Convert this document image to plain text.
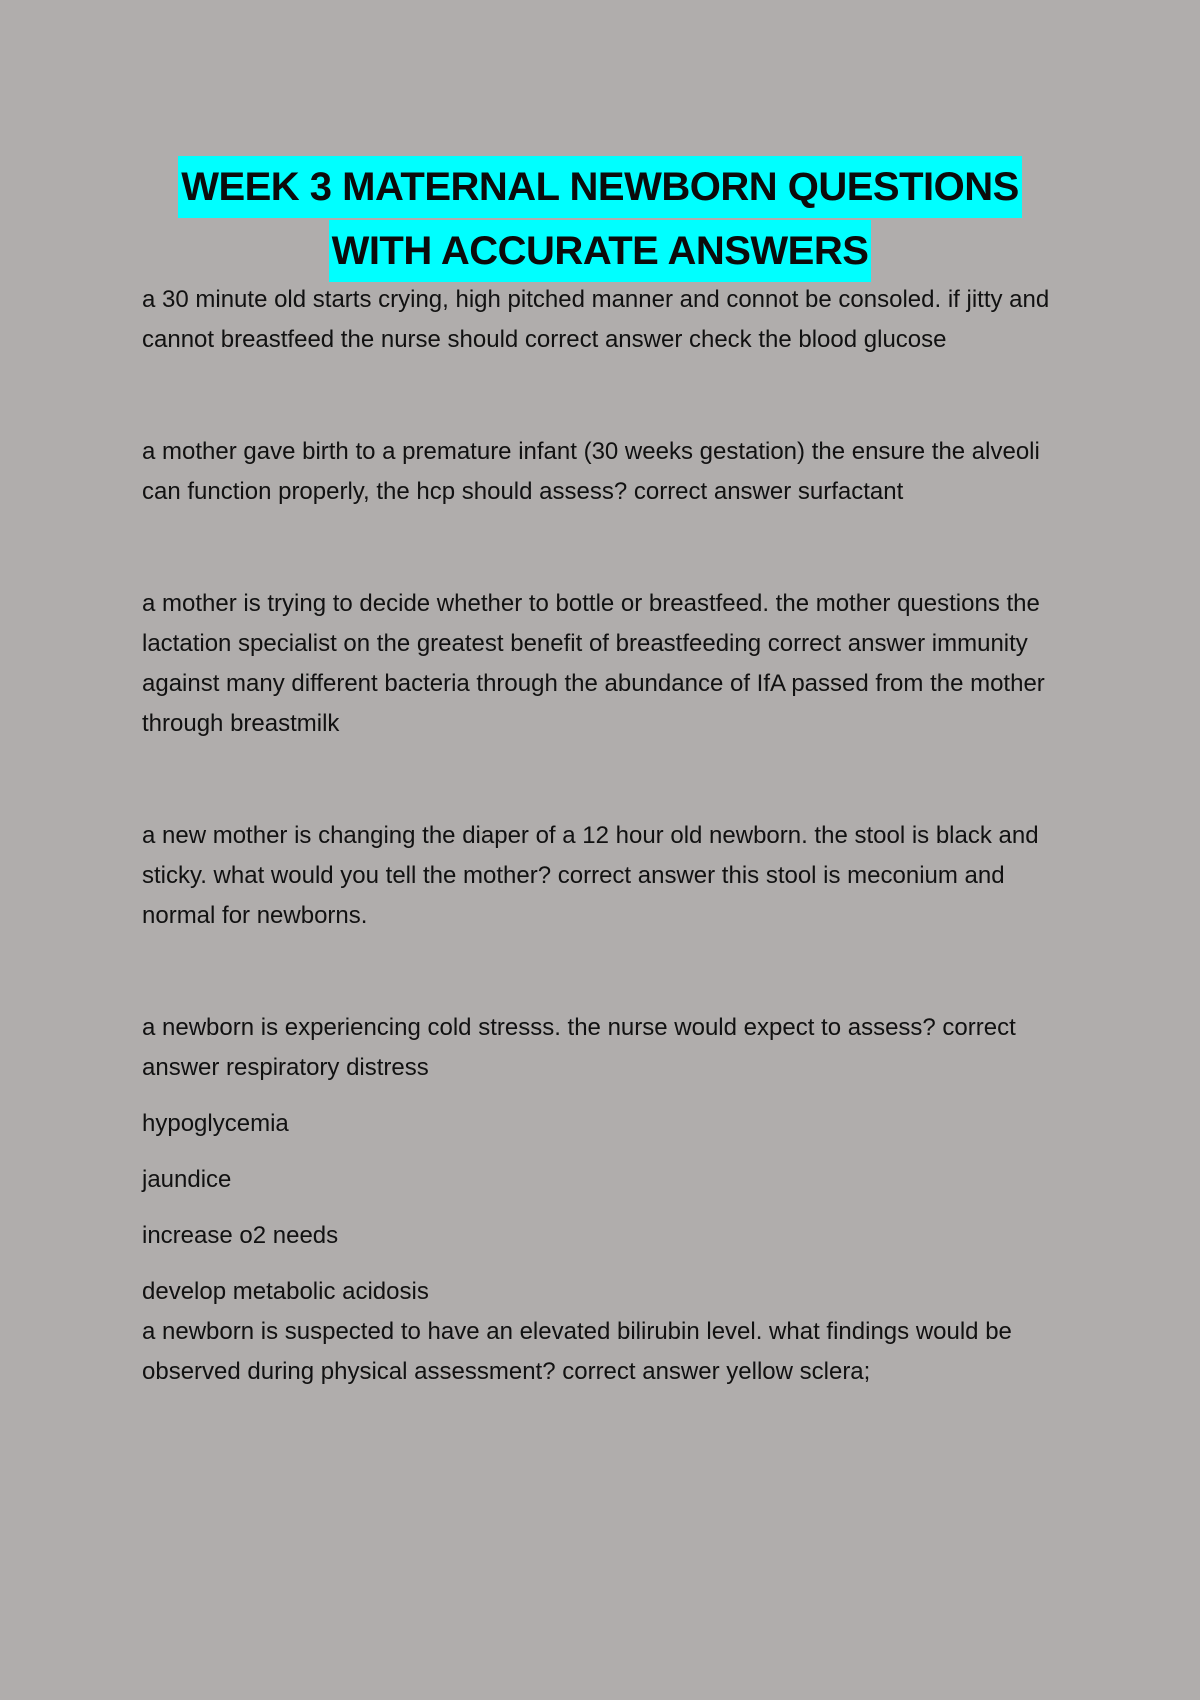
WEEK 3 MATERNAL NEWBORN QUESTIONS
WITH ACCURATE ANSWERS

a 30 minute old starts crying, high pitched manner and connot be consoled. if jitty and cannot breastfeed the nurse should correct answer check the blood glucose

a mother gave birth to a premature infant (30 weeks gestation) the ensure the alveoli can function properly, the hcp should assess? correct answer surfactant

a mother is trying to decide whether to bottle or breastfeed. the mother questions the lactation specialist on the greatest benefit of breastfeeding correct answer immunity against many different bacteria through the abundance of IfA passed from the mother through breastmilk

a new mother is changing the diaper of a 12 hour old newborn. the stool is black and sticky. what would you tell the mother? correct answer this stool is meconium and normal for newborns.

a newborn is experiencing cold stresss. the nurse would expect to assess? correct answer respiratory distress

hypoglycemia

jaundice

increase o2 needs

develop metabolic acidosis

a newborn is suspected to have an elevated bilirubin level. what findings would be observed during physical assessment? correct answer yellow sclera;
